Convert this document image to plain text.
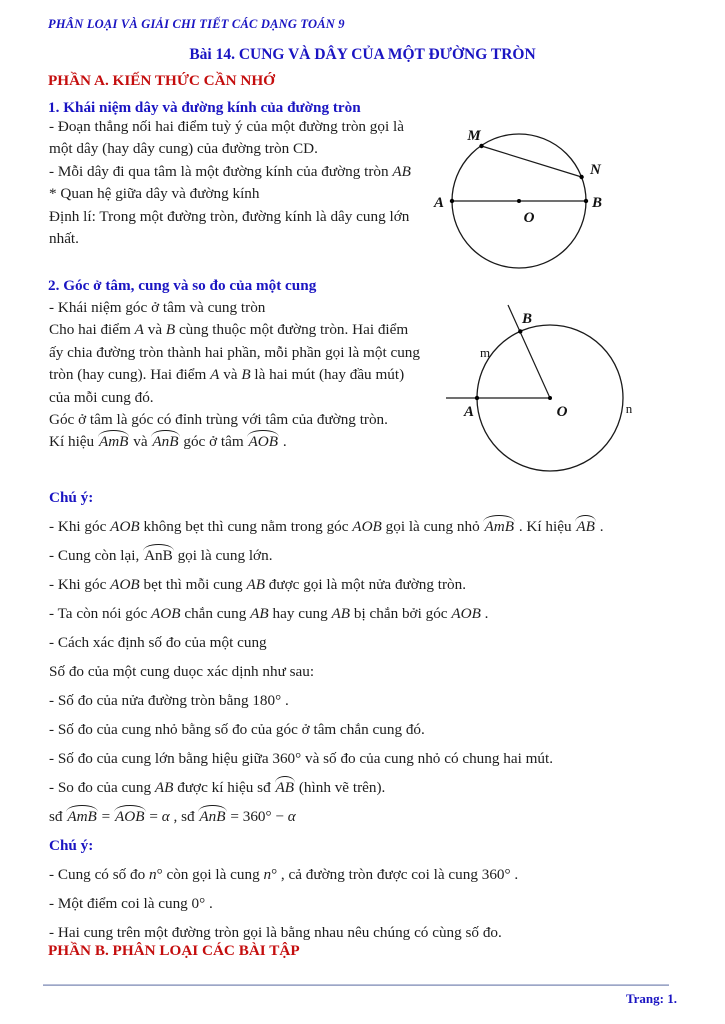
PHÂN LOẠI VÀ GIẢI CHI TIẾT CÁC DẠNG TOÁN 9
Bài 14. CUNG VÀ DÂY CỦA MỘT ĐƯỜNG TRÒN
PHẦN A. KIẾN THỨC CẦN NHỚ
1. Khái niệm dây và đường kính của đường tròn
- Đoạn thẳng nối hai điểm tuỳ ý của một đường tròn gọi là
một dây (hay dây cung) của đường tròn CD.
- Mỗi dây đi qua tâm là một đường kính của đường tròn AB
* Quan hệ giữa dây và đường kính
Định lí: Trong một đường tròn, đường kính là dây cung lớn
nhất.
M
N
A	B
O
2. Góc ở tâm, cung và so đo của một cung
- Khái niệm góc ở tâm và cung tròn
Cho hai điểm A và B cùng thuộc một đường tròn. Hai điểm
ấy chia đường tròn thành hai phần, mỗi phần gọi là một cung
tròn (hay cung). Hai điểm A và B là hai mút (hay đầu mút)
của mỗi cung đó.
Góc ở tâm là góc có đỉnh trùng với tâm của đường tròn.
Kí hiệu AmB và AnB góc ở tâm AOB .
B
m
A	O	n
Chú ý:
- Khi góc AOB không bẹt thì cung nằm trong góc AOB gọi là cung nhỏ AmB . Kí hiệu AB .
- Cung còn lại, AnB gọi là cung lớn.
- Khi góc AOB bẹt thì mỗi cung AB được gọi là một nửa đường tròn.
- Ta còn nói góc AOB chắn cung AB hay cung AB bị chắn bởi góc AOB .
- Cách xác định số đo của một cung
Số đo của một cung duọc xác dịnh như sau:
- Số đo của nửa đường tròn bằng 180° .
- Số đo của cung nhỏ bằng số đo của góc ở tâm chắn cung đó.
- Số đo của cung lớn bằng hiệu giữa 360° và số đo của cung nhỏ có chung hai mút.
- So đo của cung AB được kí hiệu sđ AB (hình vẽ trên).
sđ AmB = AOB = α , sđ AnB = 360° − α
Chú ý:
- Cung có số đo n° còn gọi là cung n° , cả đường tròn được coi là cung 360° .
- Một điểm coi là cung 0° .
- Hai cung trên một đường tròn gọi là bằng nhau nêu chúng có cùng số đo.
PHẦN B. PHÂN LOẠI CÁC BÀI TẬP
Trang: 1.
